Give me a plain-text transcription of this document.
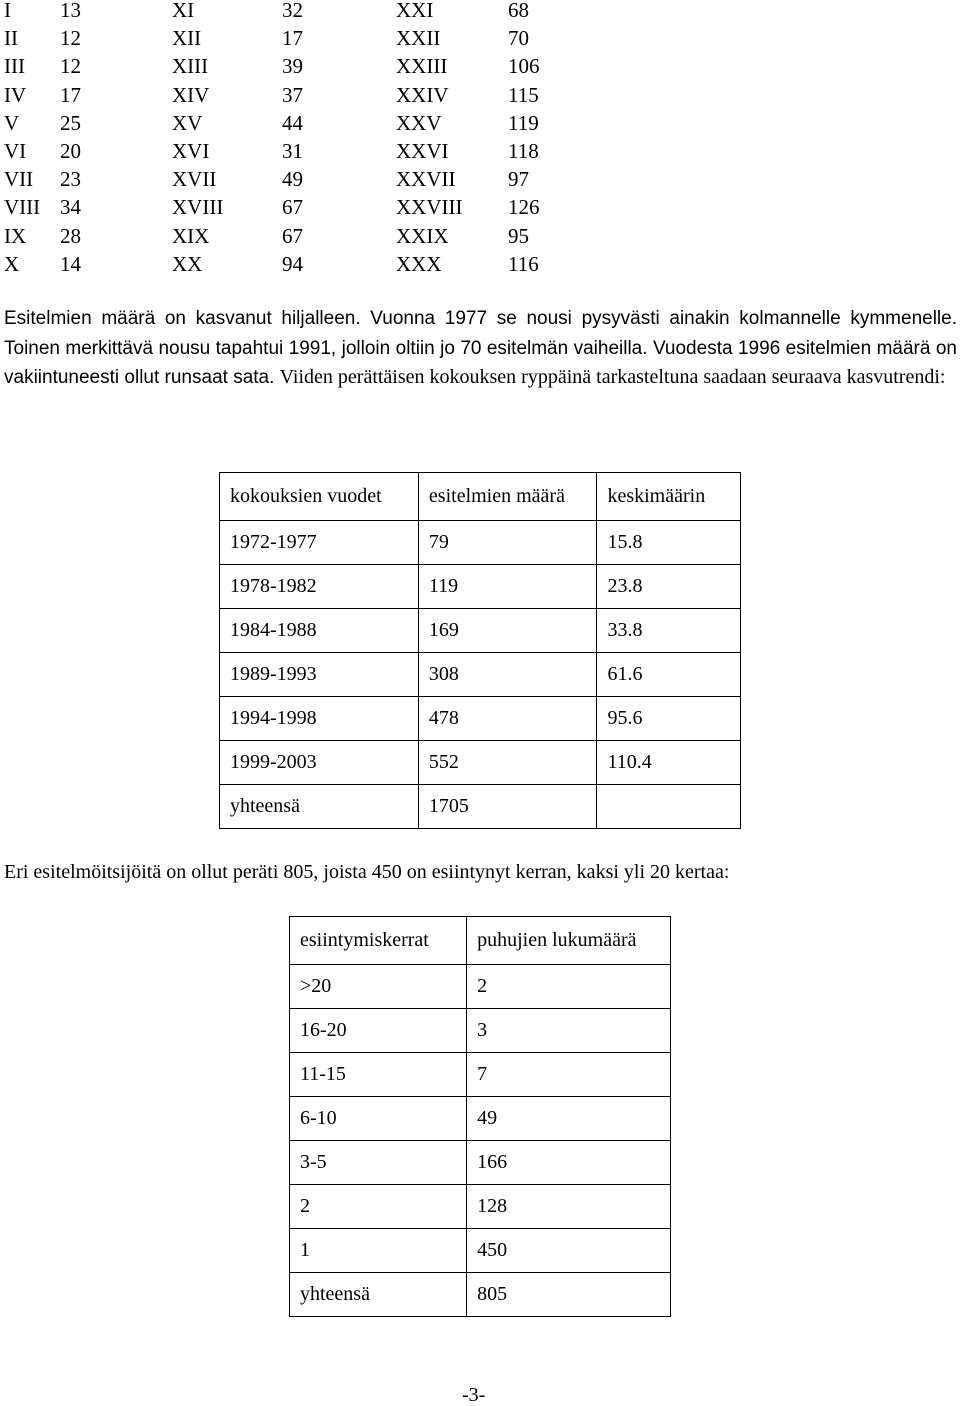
I 13	XI	32	XXI	68
II 12	XII	17	XXII	70
III 12	XIII	39	XXIII	106
IV 17	XIV	37	XXIV	115
V 25	XV	44	XXV	119
VI 20	XVI	31	XXVI	118
VII 23	XVII	49	XXVII	97
VIII 34	XVIII	67	XXVIII 126
IX 28	XIX	67	XXIX	95
X 14	XX	94	XXX	116
Esitelmien määrä on kasvanut hiljalleen. Vuonna 1977 se nousi pysyvästi ainakin kolmannelle kymmenelle. Toinen merkittävä nousu tapahtui 1991, jolloin oltiin jo 70 esitelmän vaiheilla. Vuodesta 1996 esitelmien määrä on vakiintuneesti ollut runsaat sata. Viiden perättäisen kokouksen ryppäinä tarkasteltuna saadaan seuraava kasvutrendi:
kokouksien vuodet	esitelmien määrä	keskimäärin
1972-1977	79	15.8
1978-1982	119	23.8
1984-1988	169	33.8
1989-1993	308	61.6
1994-1998	478	95.6
1999-2003	552	110.4
yhteensä	1705	
Eri esitelmöitsijöitä on ollut peräti 805, joista 450 on esiintynyt kerran, kaksi yli 20 kertaa:
esiintymiskerrat	puhujien lukumäärä
>20	2
16-20	3
11-15	7
6-10	49
3-5	166
2	128
1	450
yhteensä	805
-3-
